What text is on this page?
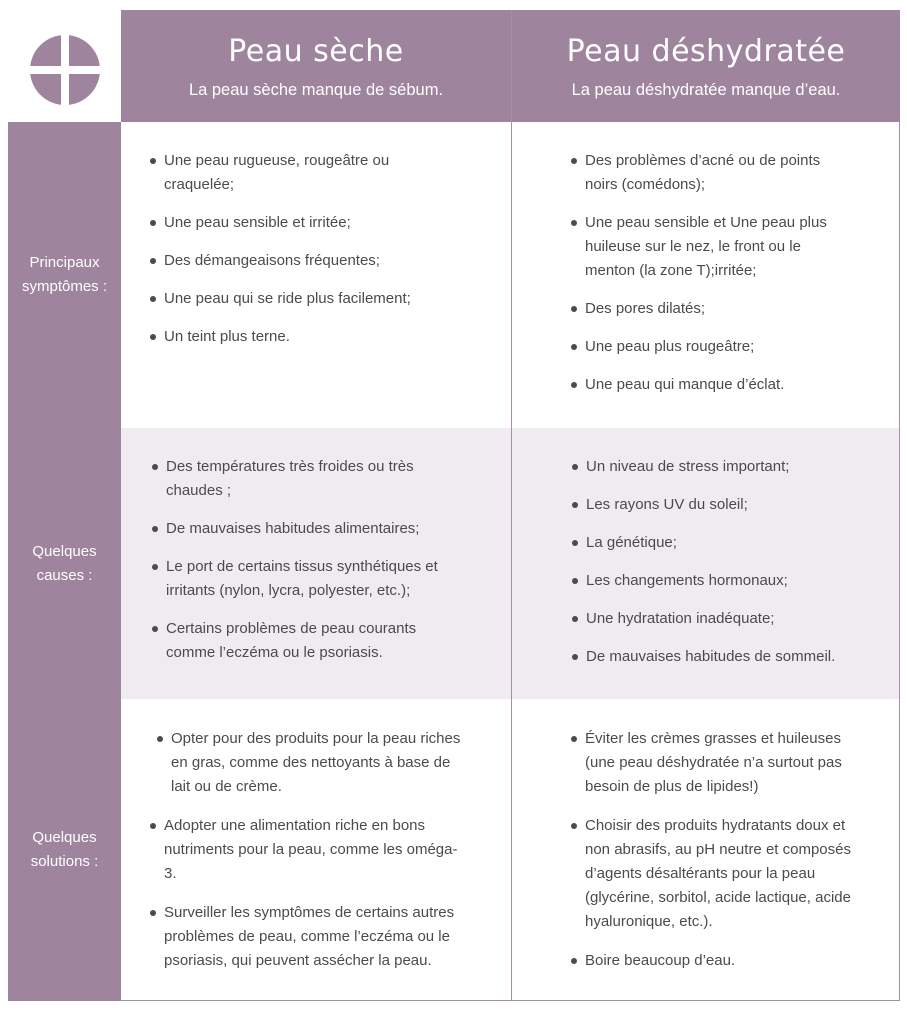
Peau sèche
La peau sèche manque de sébum.
Peau déshydratée
La peau déshydratée manque d’eau.
Principaux
symptômes :
Une peau rugueuse, rougeâtre ou craquelée;
Une peau sensible et irritée;
Des démangeaisons fréquentes;
Une peau qui se ride plus facilement;
Un teint plus terne.
Des problèmes d’acné ou de points noirs (comédons);
Une peau sensible et Une peau plus huileuse sur le nez, le front ou le menton (la zone T);irritée;
Des pores dilatés;
Une peau plus rougeâtre;
Une peau qui manque d’éclat.
Quelques
causes :
Des températures très froides ou très chaudes ;
De mauvaises habitudes alimentaires;
Le port de certains tissus synthétiques et irritants (nylon, lycra, polyester, etc.);
Certains problèmes de peau courants comme l’eczéma ou le psoriasis.
Un niveau de stress important;
Les rayons UV du soleil;
La génétique;
Les changements hormonaux;
Une hydratation inadéquate;
De mauvaises habitudes de sommeil.
Quelques
solutions :
Opter pour des produits pour la peau riches en gras, comme des nettoyants à base de lait ou de crème.
Adopter une alimentation riche en bons nutriments pour la peau, comme les oméga-3.
Surveiller les symptômes de certains autres problèmes de peau, comme l’eczéma ou le psoriasis, qui peuvent assécher la peau.
Éviter les crèmes grasses et huileuses (une peau déshydratée n’a surtout pas besoin de plus de lipides!)
Choisir des produits hydratants doux et non abrasifs, au pH neutre et composés d’agents désaltérants pour la peau (glycérine, sorbitol, acide lactique, acide hyaluronique, etc.).
Boire beaucoup d’eau.
